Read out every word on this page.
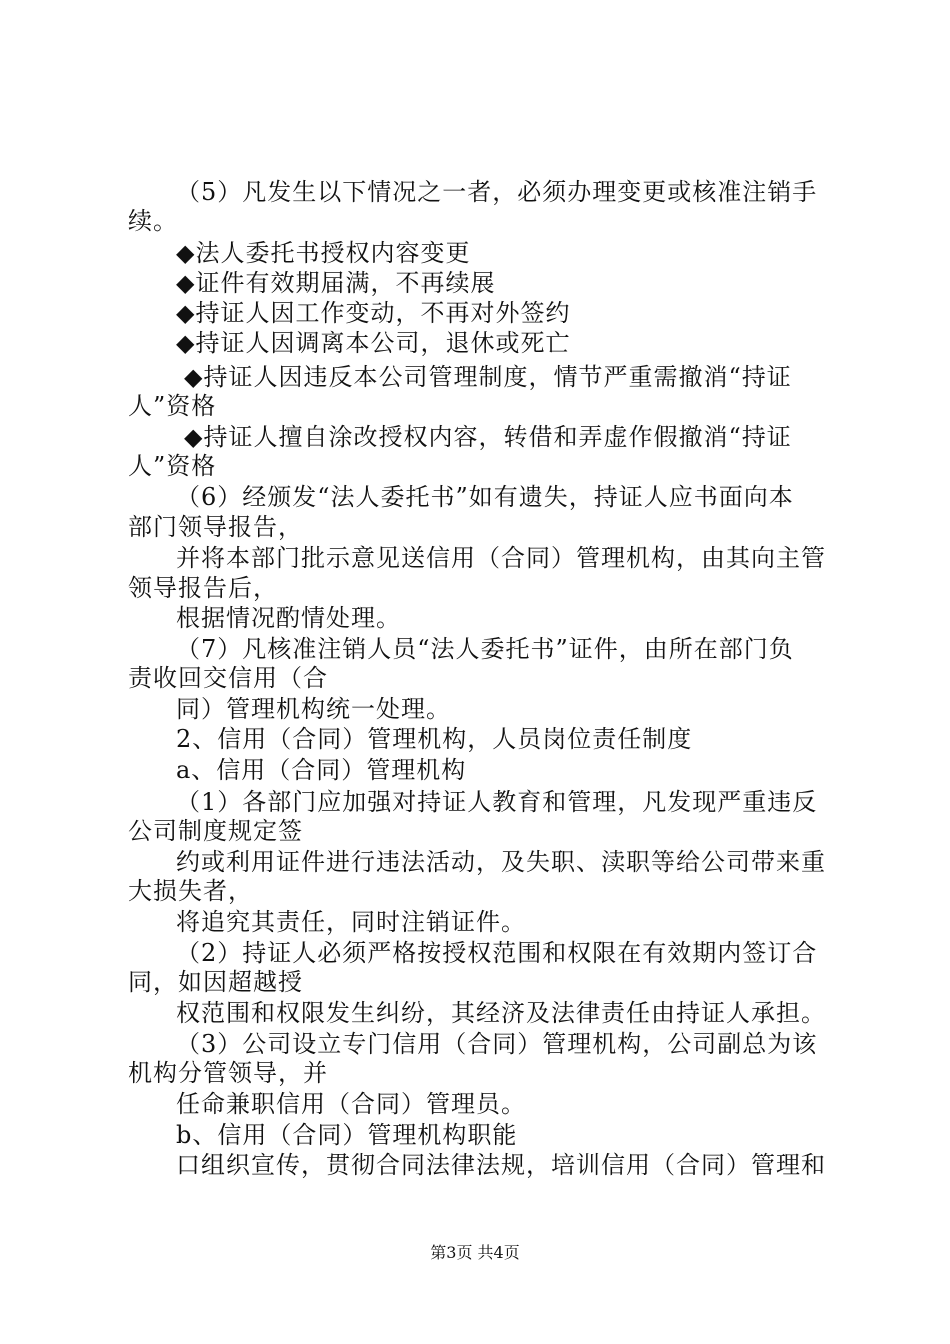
（5）凡发生以下情况之一者，必须办理变更或核准注销手
续。
◆法人委托书授权内容变更
◆证件有效期届满，不再续展
◆持证人因工作变动，不再对外签约
◆持证人因调离本公司，退休或死亡
◆持证人因违反本公司管理制度，情节严重需撤消“持证
人”资格
◆持证人擅自涂改授权内容，转借和弄虚作假撤消“持证
人”资格
（6）经颁发“法人委托书”如有遗失，持证人应书面向本
部门领导报告，
并将本部门批示意见送信用（合同）管理机构，由其向主管
领导报告后，
根据情况酌情处理。
（7）凡核准注销人员“法人委托书”证件，由所在部门负
责收回交信用（合
同）管理机构统一处理。
2、信用（合同）管理机构，人员岗位责任制度
a、信用（合同）管理机构
（1）各部门应加强对持证人教育和管理，凡发现严重违反
公司制度规定签
约或利用证件进行违法活动，及失职、渎职等给公司带来重
大损失者，
将追究其责任，同时注销证件。
（2）持证人必须严格按授权范围和权限在有效期内签订合
同，如因超越授
权范围和权限发生纠纷，其经济及法律责任由持证人承担。
（3）公司设立专门信用（合同）管理机构，公司副总为该
机构分管领导，并
任命兼职信用（合同）管理员。
b、信用（合同）管理机构职能
口组织宣传，贯彻合同法律法规，培训信用（合同）管理和
第3页 共4页
